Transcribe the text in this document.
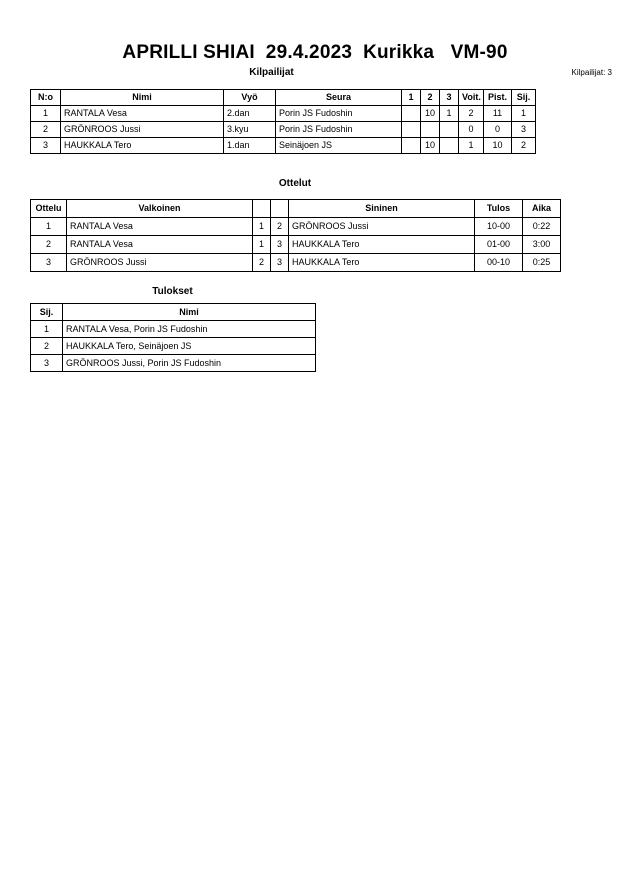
APRILLI SHIAI  29.4.2023  Kurikka   VM-90
Kilpailijat	Kilpailijat: 3
N:o	Nimi	Vyö	Seura	1	2	3	Voit.	Pist.	Sij.
1	RANTALA Vesa	2.dan	Porin JS Fudoshin		10	1	2	11	1
2	GRÖNROOS Jussi	3.kyu	Porin JS Fudoshin				0	0	3
3	HAUKKALA Tero	1.dan	Seinäjoen JS		10		1	10	2
Ottelut
Ottelu	Valkoinen			Sininen	Tulos	Aika
1	RANTALA Vesa	1	2	GRÖNROOS Jussi	10-00	0:22
2	RANTALA Vesa	1	3	HAUKKALA Tero	01-00	3:00
3	GRÖNROOS Jussi	2	3	HAUKKALA Tero	00-10	0:25
Tulokset
Sij.	Nimi
1	RANTALA Vesa, Porin JS Fudoshin
2	HAUKKALA Tero, Seinäjoen JS
3	GRÖNROOS Jussi, Porin JS Fudoshin
